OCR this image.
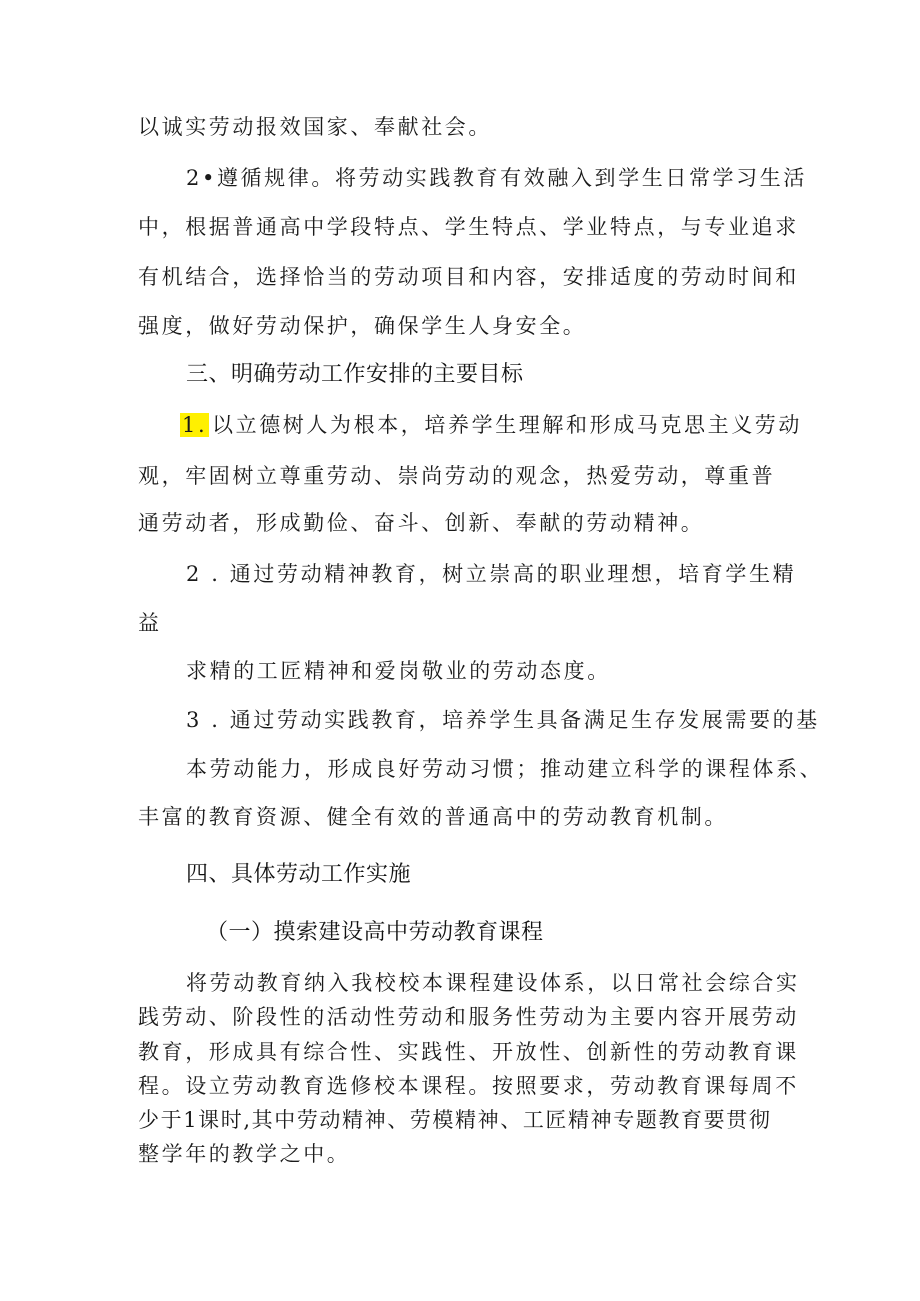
以诚实劳动报效国家、奉献社会。
2•遵循规律。将劳动实践教育有效融入到学生日常学习生活
中，根据普通高中学段特点、学生特点、学业特点，与专业追求
有机结合，选择恰当的劳动项目和内容，安排适度的劳动时间和
强度，做好劳动保护，确保学生人身安全。
三、明确劳动工作安排的主要目标
1. 以立德树人为根本，培养学生理解和形成马克思主义劳动
观，牢固树立尊重劳动、崇尚劳动的观念，热爱劳动，尊重普
通劳动者，形成勤俭、奋斗、创新、奉献的劳动精神。
2 . 通过劳动精神教育，树立崇高的职业理想，培育学生精
益
求精的工匠精神和爱岗敬业的劳动态度。
3 . 通过劳动实践教育，培养学生具备满足生存发展需要的基
本劳动能力，形成良好劳动习惯；推动建立科学的课程体系、
丰富的教育资源、健全有效的普通高中的劳动教育机制。
四、具体劳动工作实施
（一）摸索建设高中劳动教育课程
将劳动教育纳入我校校本课程建设体系，以日常社会综合实
践劳动、阶段性的活动性劳动和服务性劳动为主要内容开展劳动
教育，形成具有综合性、实践性、开放性、创新性的劳动教育课
程。设立劳动教育选修校本课程。按照要求，劳动教育课每周不
少于1课时,其中劳动精神、劳模精神、工匠精神专题教育要贯彻
整学年的教学之中。
